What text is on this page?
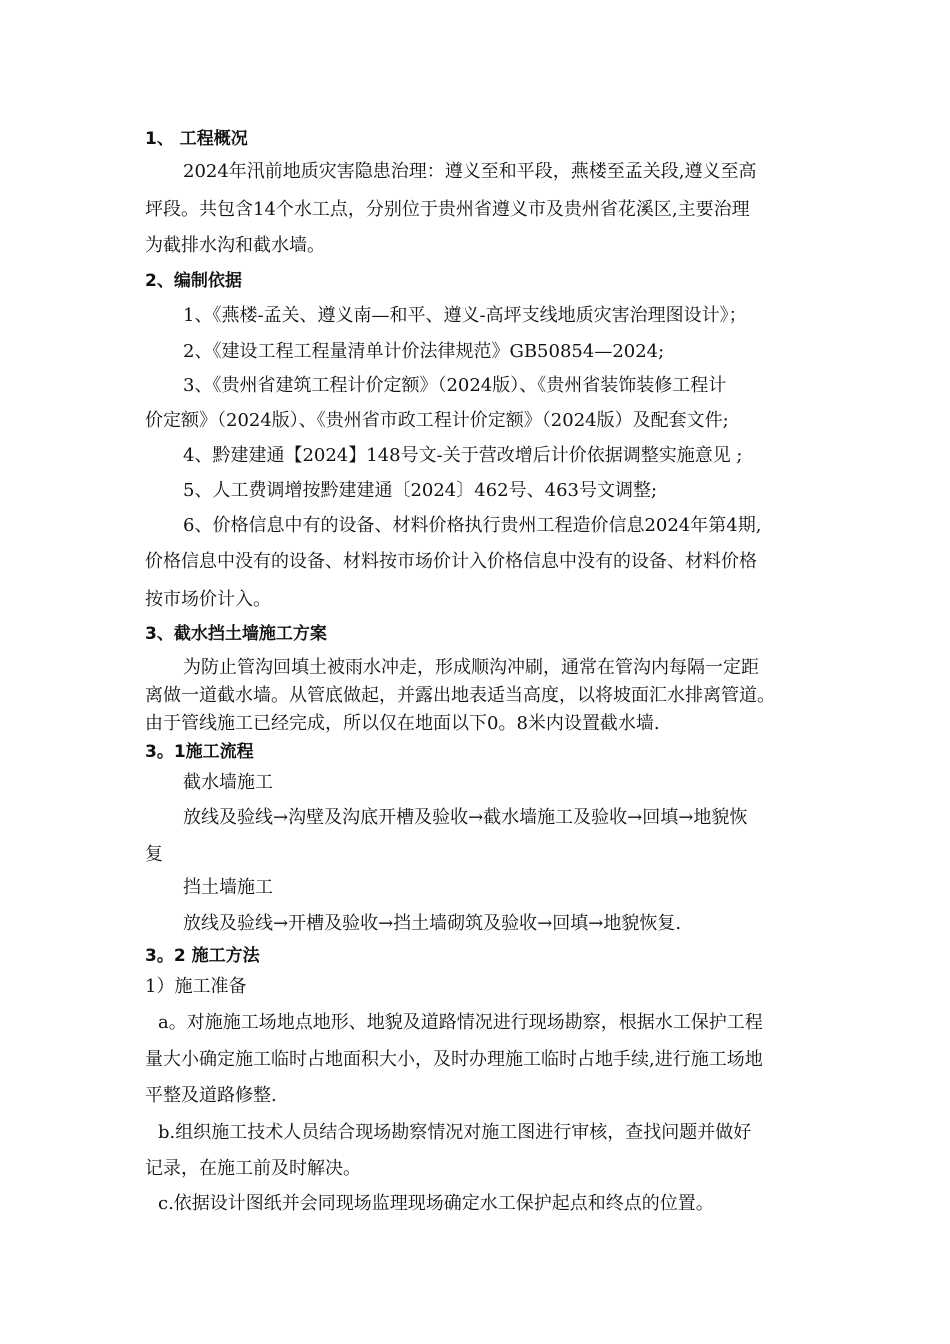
1、 工程概况
2024年汛前地质灾害隐患治理：遵义至和平段，燕楼至孟关段,遵义至高
坪段。共包含14个水工点，分别位于贵州省遵义市及贵州省花溪区,主要治理
为截排水沟和截水墙。
2、编制依据
1、《燕楼-孟关、遵义南—和平、遵义-高坪支线地质灾害治理图设计》；
2、《建设工程工程量清单计价法律规范》GB50854—2024;
3、《贵州省建筑工程计价定额》（2024版）、《贵州省装饰装修工程计
价定额》（2024版）、《贵州省市政工程计价定额》（2024版）及配套文件;
4、黔建建通【2024】148号文-关于营改增后计价依据调整实施意见 ;
5、人工费调增按黔建建通〔2024〕462号、463号文调整;
6、价格信息中有的设备、材料价格执行贵州工程造价信息2024年第4期,
价格信息中没有的设备、材料按市场价计入价格信息中没有的设备、材料价格
按市场价计入。
3、截水挡土墙施工方案
为防止管沟回填土被雨水冲走，形成顺沟冲刷，通常在管沟内每隔一定距
离做一道截水墙。从管底做起，并露出地表适当高度，以将坡面汇水排离管道。
由于管线施工已经完成，所以仅在地面以下0。8米内设置截水墙.
3。1施工流程
截水墙施工
放线及验线→沟壁及沟底开槽及验收→截水墙施工及验收→回填→地貌恢
复
挡土墙施工
放线及验线→开槽及验收→挡土墙砌筑及验收→回填→地貌恢复.
3。2 施工方法
1）施工准备
a。对施施工场地点地形、地貌及道路情况进行现场勘察，根据水工保护工程
量大小确定施工临时占地面积大小，及时办理施工临时占地手续,进行施工场地
平整及道路修整.
b.组织施工技术人员结合现场勘察情况对施工图进行审核，查找问题并做好
记录，在施工前及时解决。
c.依据设计图纸并会同现场监理现场确定水工保护起点和终点的位置。
